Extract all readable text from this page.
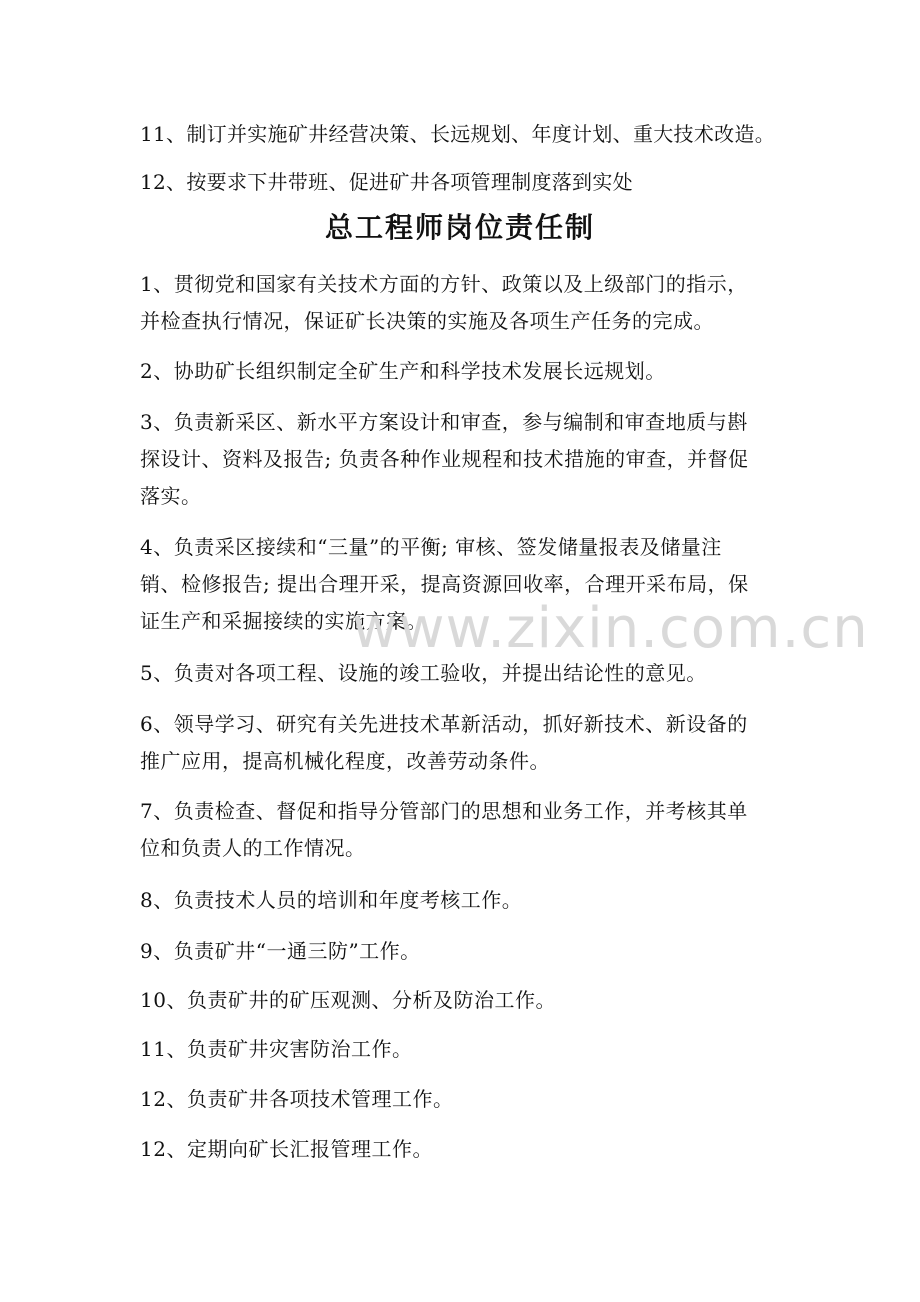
11、制订并实施矿井经营决策、长远规划、年度计划、重大技术改造。
12、按要求下井带班、促进矿井各项管理制度落到实处
总工程师岗位责任制
1、贯彻党和国家有关技术方面的方针、政策以及上级部门的指示，
并检查执行情况，保证矿长决策的实施及各项生产任务的完成。
2、协助矿长组织制定全矿生产和科学技术发展长远规划。
3、负责新采区、新水平方案设计和审查，参与编制和审查地质与斟
探设计、资料及报告; 负责各种作业规程和技术措施的审查，并督促
落实。
4、负责采区接续和“三量”的平衡; 审核、签发储量报表及储量注
销、检修报告; 提出合理开采，提高资源回收率，合理开采布局，保
证生产和采掘接续的实施方案。
5、负责对各项工程、设施的竣工验收，并提出结论性的意见。
6、领导学习、研究有关先进技术革新活动，抓好新技术、新设备的
推广应用，提高机械化程度，改善劳动条件。
7、负责检查、督促和指导分管部门的思想和业务工作，并考核其单
位和负责人的工作情况。
8、负责技术人员的培训和年度考核工作。
9、负责矿井“一通三防”工作。
10、负责矿井的矿压观测、分析及防治工作。
11、负责矿井灾害防治工作。
12、负责矿井各项技术管理工作。
12、定期向矿长汇报管理工作。
www.zixin.com.cn
